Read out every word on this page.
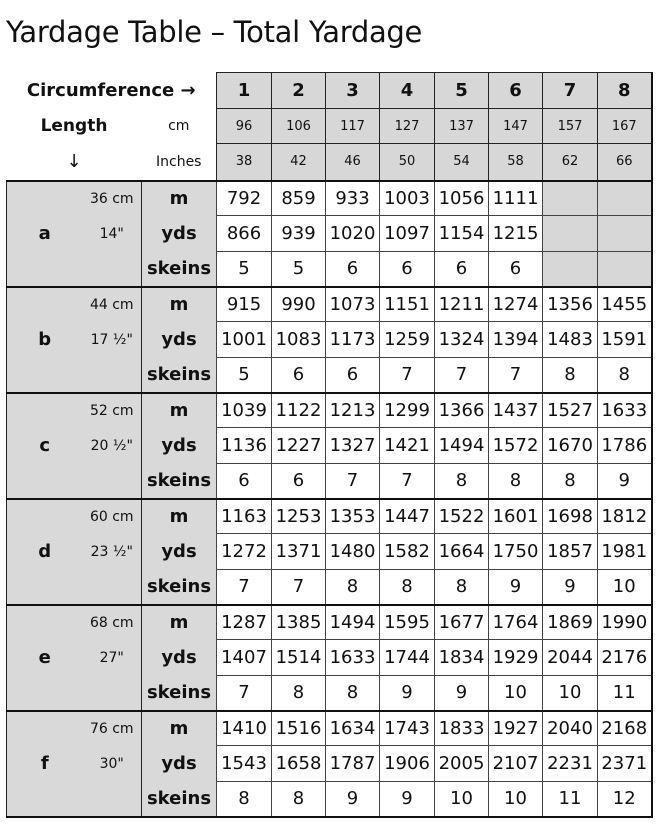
Yardage Table – Total Yardage
Circumference →			1	2	3	4	5	6	7	8
Length		cm	96	106	117	127	137	147	157	167
↓		Inches	38	42	46	50	54	58	62	66
a	36 cm	m	792	859	933	1003	1056	1111		
	14"	yds	866	939	1020	1097	1154	1215		
		skeins	5	5	6	6	6	6		
b	44 cm	m	915	990	1073	1151	1211	1274	1356	1455
	17 ½"	yds	1001	1083	1173	1259	1324	1394	1483	1591
		skeins	5	6	6	7	7	7	8	8
c	52 cm	m	1039	1122	1213	1299	1366	1437	1527	1633
	20 ½"	yds	1136	1227	1327	1421	1494	1572	1670	1786
		skeins	6	6	7	7	8	8	8	9
d	60 cm	m	1163	1253	1353	1447	1522	1601	1698	1812
	23 ½"	yds	1272	1371	1480	1582	1664	1750	1857	1981
		skeins	7	7	8	8	8	9	9	10
e	68 cm	m	1287	1385	1494	1595	1677	1764	1869	1990
	27"	yds	1407	1514	1633	1744	1834	1929	2044	2176
		skeins	7	8	8	9	9	10	10	11
f	76 cm	m	1410	1516	1634	1743	1833	1927	2040	2168
	30"	yds	1543	1658	1787	1906	2005	2107	2231	2371
		skeins	8	8	9	9	10	10	11	12
